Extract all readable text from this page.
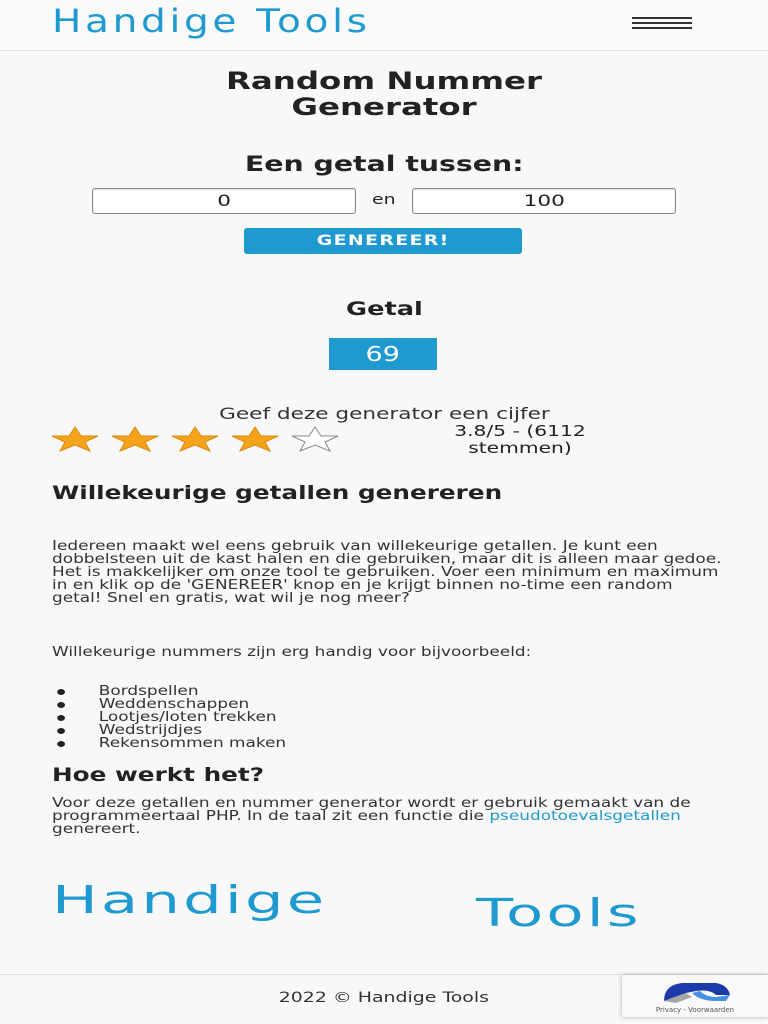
Handige Tools
Random Nummer Generator
Een getal tussen:
0	en	100
GENEREER!
Getal
69
Geef deze generator een cijfer
3.8/5 - (6112 stemmen)

Willekeurige getallen genereren

Iedereen maakt wel eens gebruik van willekeurige getallen. Je kunt een dobbelsteen uit de kast halen en die gebruiken, maar dit is alleen maar gedoe. Het is makkelijker om onze tool te gebruiken. Voer een minimum en maximum in en klik op de 'GENEREER' knop en je krijgt binnen no-time een random getal! Snel en gratis, wat wil je nog meer?

Willekeurige nummers zijn erg handig voor bijvoorbeeld:

Bordspellen
Weddenschappen
Lootjes/loten trekken
Wedstrijdjes
Rekensommen maken

Hoe werkt het?

Voor deze getallen en nummer generator wordt er gebruik gemaakt van de programmeertaal PHP. In de taal zit een functie die pseudotoevalsgetallen genereert.

Handige	Tools
2022 © Handige Tools
Privacy - Voorwaarden
